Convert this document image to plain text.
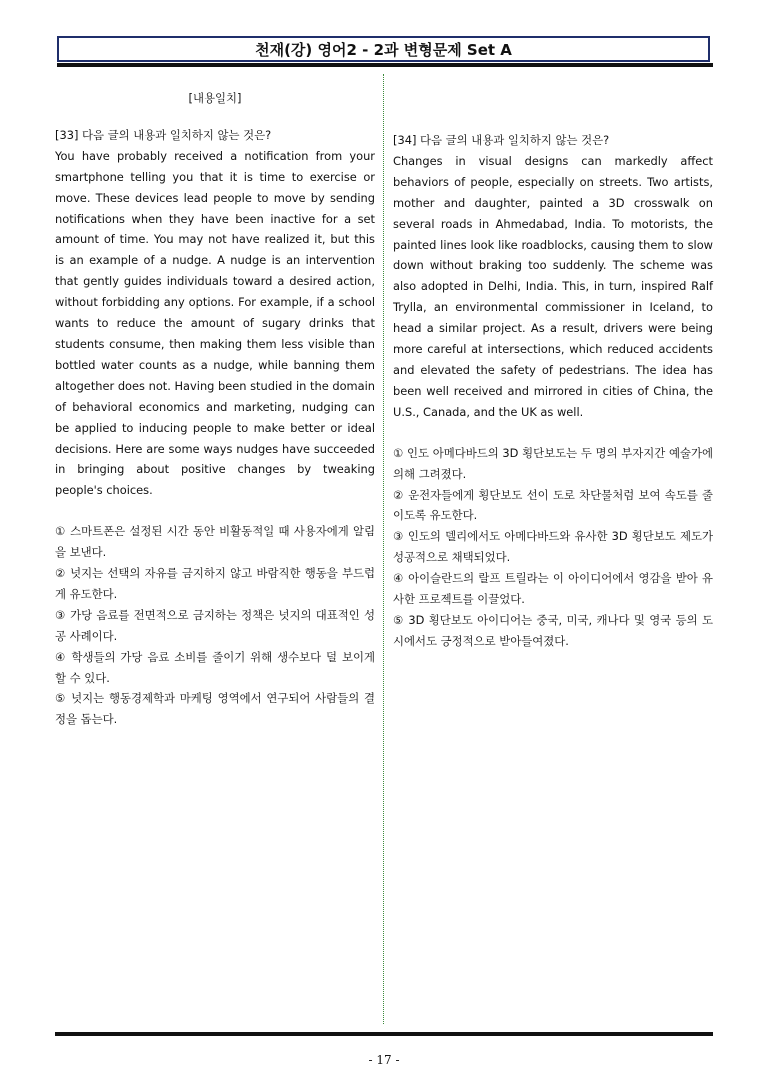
천재(강) 영어2 - 2과 변형문제 Set A
[내용일치]
[33] 다음 글의 내용과 일치하지 않는 것은?

You have probably received a notification from your smartphone telling you that it is time to exercise or move. These devices lead people to move by sending notifications when they have been inactive for a set amount of time. You may not have realized it, but this is an example of a nudge. A nudge is an intervention that gently guides individuals toward a desired action, without forbidding any options. For example, if a school wants to reduce the amount of sugary drinks that students consume, then making them less visible than bottled water counts as a nudge, while banning them altogether does not. Having been studied in the domain of behavioral economics and marketing, nudging can be applied to inducing people to make better or ideal decisions. Here are some ways nudges have succeeded in bringing about positive changes by tweaking people's choices.

① 스마트폰은 설정된 시간 동안 비활동적일 때 사용자에게 알림을 보낸다.
② 넛지는 선택의 자유를 금지하지 않고 바람직한 행동을 부드럽게 유도한다.
③ 가당 음료를 전면적으로 금지하는 정책은 넛지의 대표적인 성공 사례이다.
④ 학생들의 가당 음료 소비를 줄이기 위해 생수보다 덜 보이게 할 수 있다.
⑤ 넛지는 행동경제학과 마케팅 영역에서 연구되어 사람들의 결정을 돕는다.
[34] 다음 글의 내용과 일치하지 않는 것은?

Changes in visual designs can markedly affect behaviors of people, especially on streets. Two artists, mother and daughter, painted a 3D crosswalk on several roads in Ahmedabad, India. To motorists, the painted lines look like roadblocks, causing them to slow down without braking too suddenly. The scheme was also adopted in Delhi, India. This, in turn, inspired Ralf Trylla, an environmental commissioner in Iceland, to head a similar project. As a result, drivers were being more careful at intersections, which reduced accidents and elevated the safety of pedestrians. The idea has been well received and mirrored in cities of China, the U.S., Canada, and the UK as well.

① 인도 아메다바드의 3D 횡단보도는 두 명의 부자지간 예술가에 의해 그려졌다.
② 운전자들에게 횡단보도 선이 도로 차단물처럼 보여 속도를 줄이도록 유도한다.
③ 인도의 델리에서도 아메다바드와 유사한 3D 횡단보도 제도가 성공적으로 채택되었다.
④ 아이슬란드의 랄프 트릴라는 이 아이디어에서 영감을 받아 유사한 프로젝트를 이끌었다.
⑤ 3D 횡단보도 아이디어는 중국, 미국, 캐나다 및 영국 등의 도시에서도 긍정적으로 받아들여졌다.
- 17 -
